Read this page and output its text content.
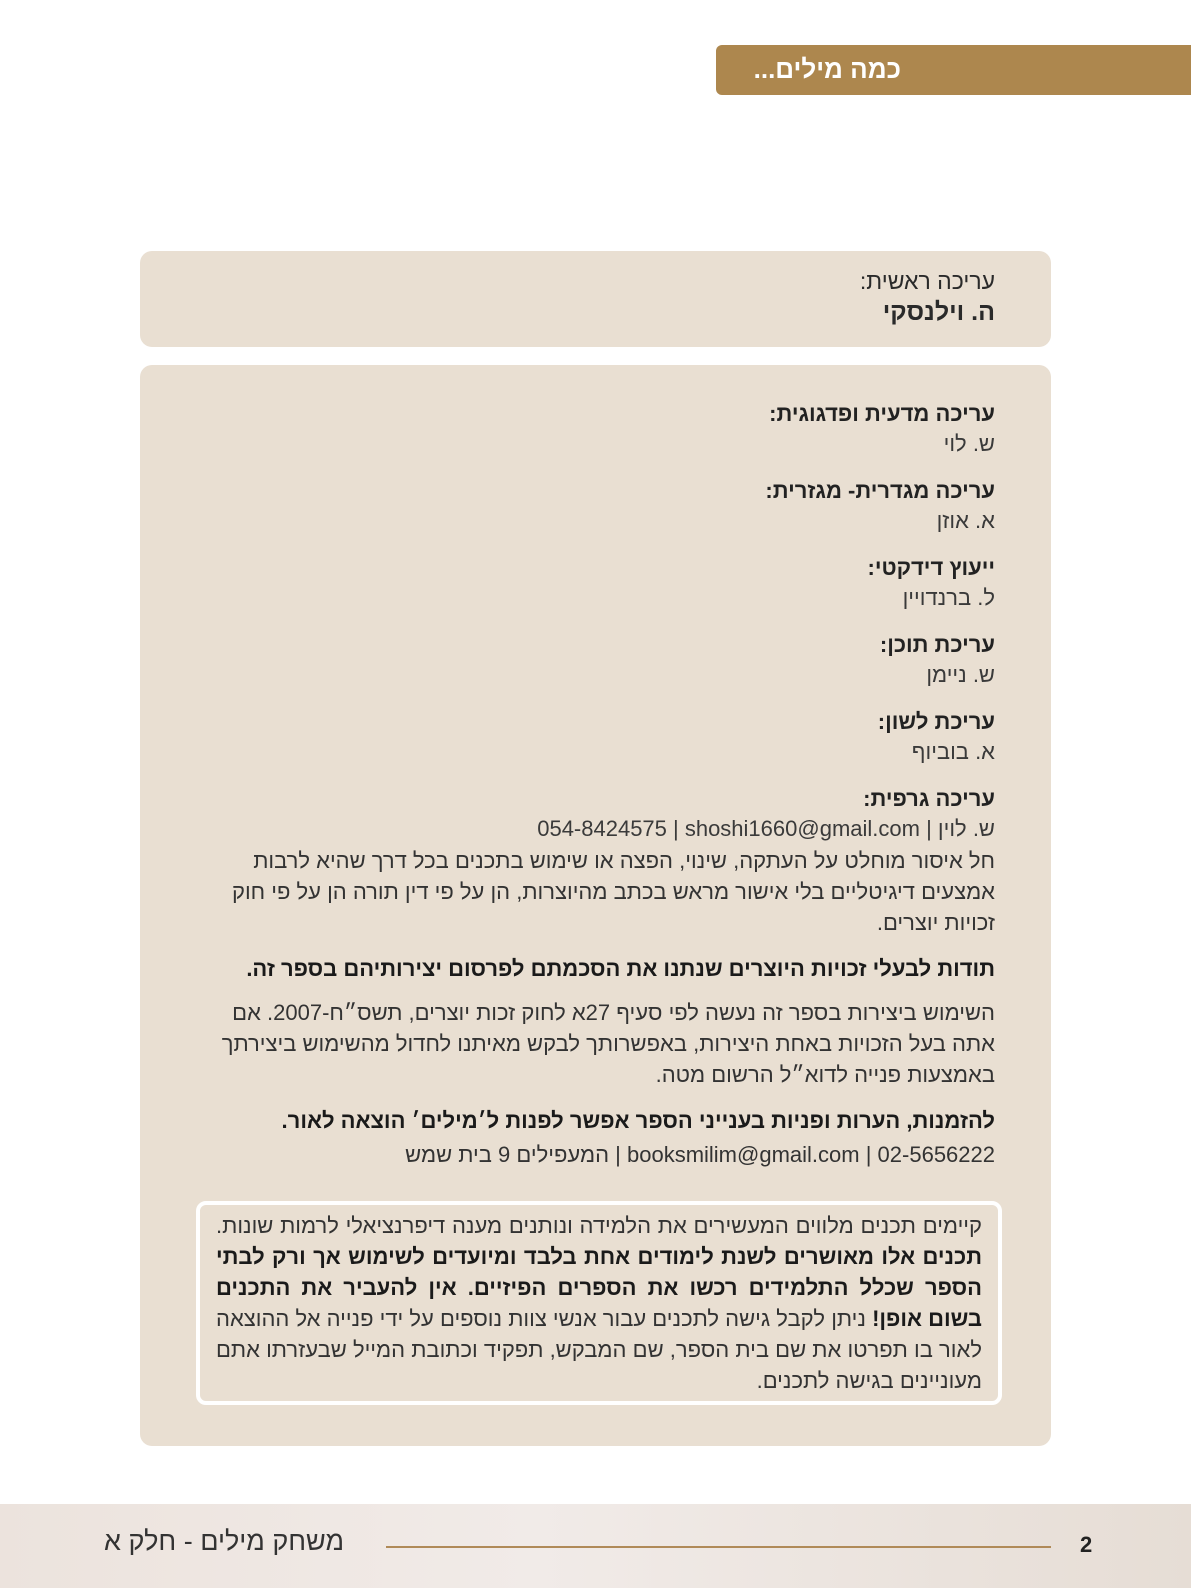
כמה מילים...
עריכה ראשית:
ה. וילנסקי
עריכה מדעית ופדגוגית:
ש. לוי
עריכה מגדרית- מגזרית:
א. אוזן
ייעוץ דידקטי:
ל. ברנדויין
עריכת תוכן:
ש. ניימן
עריכת לשון:
א. בוביוף
עריכה גרפית:
ש. לוין | 054-8424575 | shoshi1660@gmail.com
חל איסור מוחלט על העתקה, שינוי, הפצה או שימוש בתכנים בכל דרך שהיא לרבות אמצעים דיגיטליים בלי אישור מראש בכתב מהיוצרות, הן על פי דין תורה הן על פי חוק זכויות יוצרים.
תודות לבעלי זכויות היוצרים שנתנו את הסכמתם לפרסום יצירותיהם בספר זה.
השימוש ביצירות בספר זה נעשה לפי סעיף 27א לחוק זכות יוצרים, תשס״ח-2007. אם אתה בעל הזכויות באחת היצירות, באפשרותך לבקש מאיתנו לחדול מהשימוש ביצירתך באמצעות פנייה לדוא״ל הרשום מטה.
להזמנות, הערות ופניות בענייני הספר אפשר לפנות ל׳מילים׳ הוצאה לאור.
02-5656222 | booksmilim@gmail.com | המעפילים 9 בית שמש
קיימים תכנים מלווים המעשירים את הלמידה ונותנים מענה דיפרנציאלי לרמות שונות. תכנים אלו מאושרים לשנת לימודים אחת בלבד ומיועדים לשימוש אך ורק לבתי הספר שכלל התלמידים רכשו את הספרים הפיזיים. אין להעביר את התכנים בשום אופן! ניתן לקבל גישה לתכנים עבור אנשי צוות נוספים על ידי פנייה אל ההוצאה לאור בו תפרטו את שם בית הספר, שם המבקש, תפקיד וכתובת המייל שבעזרתו אתם מעוניינים בגישה לתכנים.
2
משחק מילים - חלק א
